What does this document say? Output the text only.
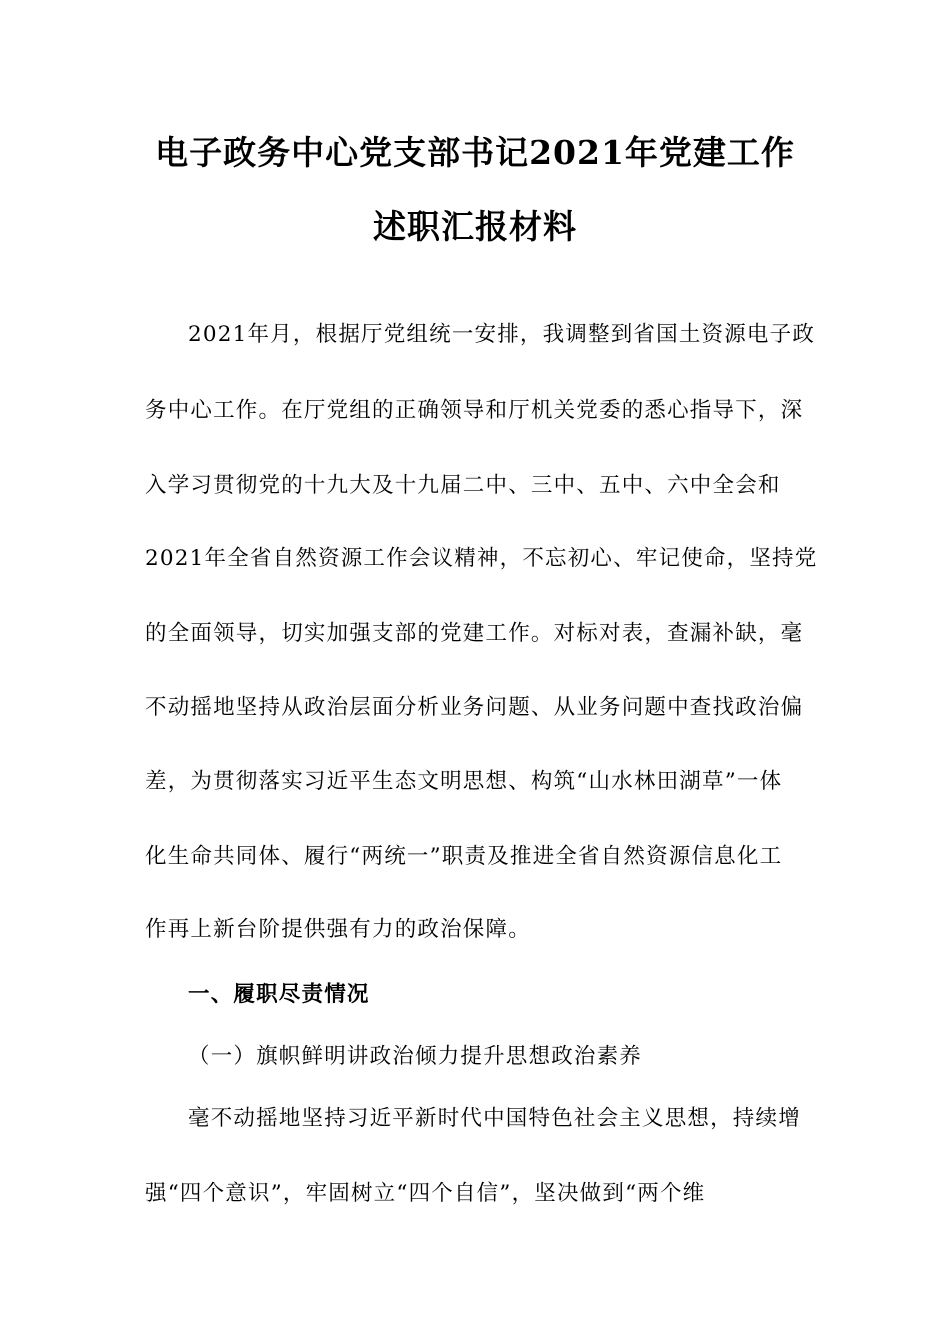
电子政务中心党支部书记2021年党建工作
述职汇报材料
2021年月，根据厅党组统一安排，我调整到省国土资源电子政
务中心工作。在厅党组的正确领导和厅机关党委的悉心指导下，深
入学习贯彻党的十九大及十九届二中、三中、五中、六中全会和
2021年全省自然资源工作会议精神，不忘初心、牢记使命，坚持党
的全面领导，切实加强支部的党建工作。对标对表，查漏补缺，毫
不动摇地坚持从政治层面分析业务问题、从业务问题中查找政治偏
差，为贯彻落实习近平生态文明思想、构筑“山水林田湖草”一体
化生命共同体、履行“两统一”职责及推进全省自然资源信息化工
作再上新台阶提供强有力的政治保障。
一、履职尽责情况
（一）旗帜鲜明讲政治倾力提升思想政治素养
毫不动摇地坚持习近平新时代中国特色社会主义思想，持续增
强“四个意识”，牢固树立“四个自信”，坚决做到“两个维
